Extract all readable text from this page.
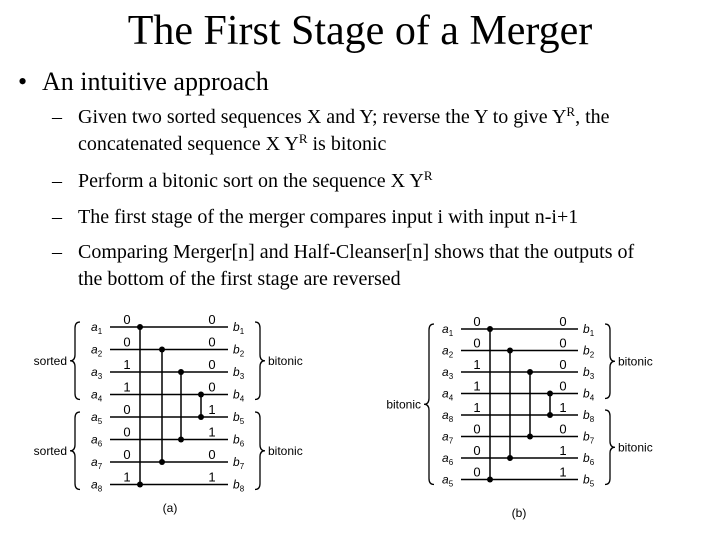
The First Stage of a Merger
• An intuitive approach
– Given two sorted sequences X and Y; reverse the Y to give $Y^R$, the concatenated sequence X $Y^R$ is bitonic
– Perform a bitonic sort on the sequence X $Y^R$
– The first stage of the merger compares input i with input n-i+1
– Comparing Merger[n] and Half-Cleanser[n] shows that the outputs of the bottom of the first stage are reversed
$a_1$	$b_1$
0	0
$a_2$	$b_2$
0	0
$a_3$	$b_3$
1	0
$a_4$	$b_4$
1	0
$a_5$	$b_5$
0	1
$a_6$	$b_6$
0	1
$a_7$	$b_7$
0	0
$a_8$	$b_8$
1	1
sorted
sorted
bitonic
bitonic
(a)
$a_1$	$b_1$
0	0
$a_2$	$b_2$
0	0
$a_3$	$b_3$
1	0
$a_4$	$b_4$
1	0
$a_8$	$b_8$
1	1
$a_7$	$b_7$
0	0
$a_6$	$b_6$
0	1
$a_5$	$b_5$
0	1
bitonic
bitonic
bitonic
(b)
